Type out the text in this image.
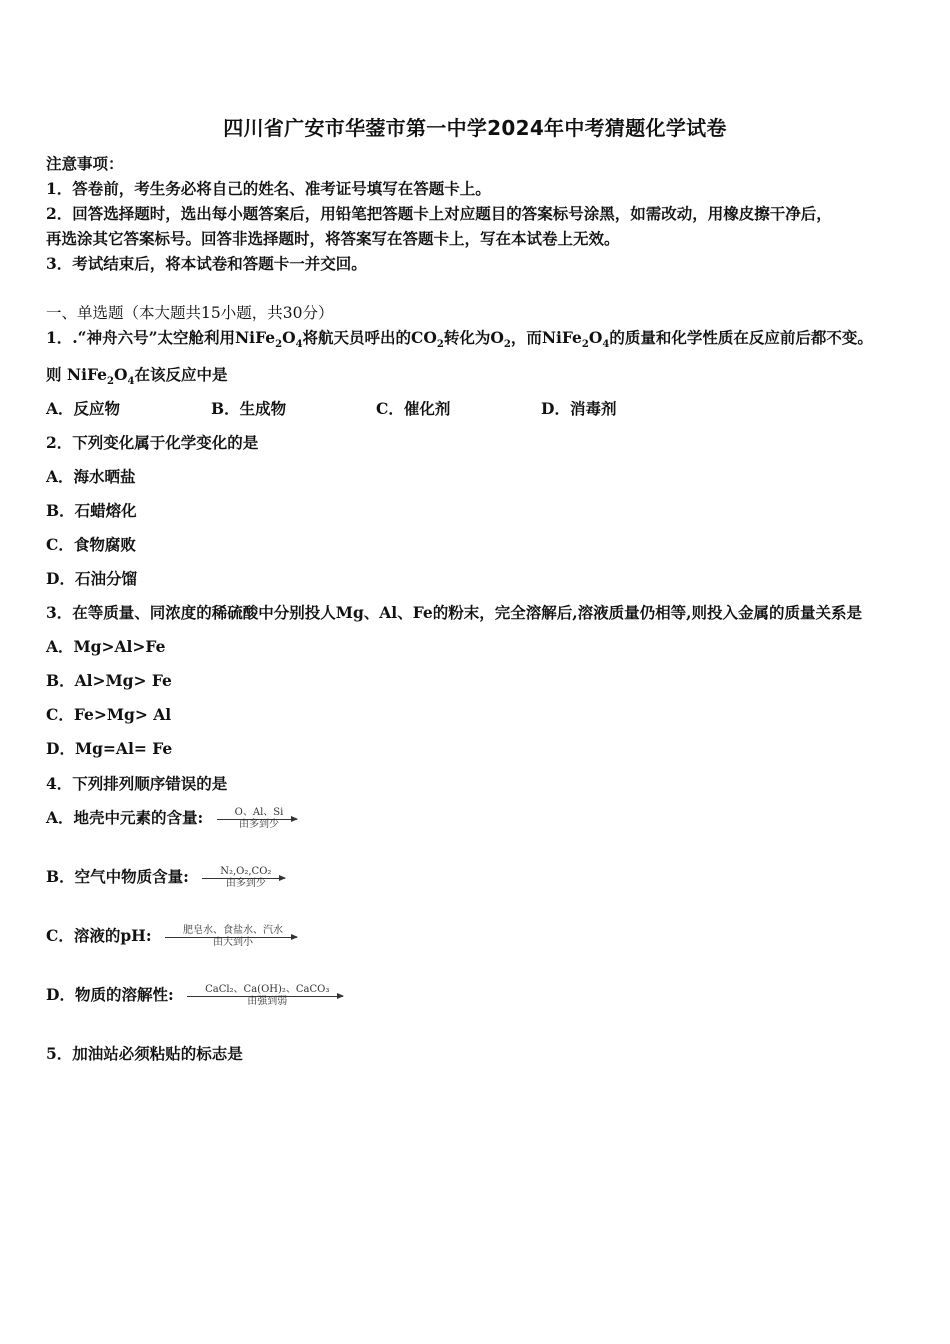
四川省广安市华蓥市第一中学2024年中考猜题化学试卷
注意事项：
1．答卷前，考生务必将自己的姓名、准考证号填写在答题卡上。
2．回答选择题时，选出每小题答案后，用铅笔把答题卡上对应题目的答案标号涂黑，如需改动，用橡皮擦干净后，
再选涂其它答案标号。回答非选择题时，将答案写在答题卡上，写在本试卷上无效。
3．考试结束后，将本试卷和答题卡一并交回。
一、单选题（本大题共15小题，共30分）
1．.“神舟六号”太空舱利用$NiFe_2O_4$将航天员呼出的$CO_2$转化为$O_2$，而$NiFe_2O_4$的质量和化学性质在反应前后都不变。
则 $NiFe_2O_4$在该反应中是
A．反应物	B．生成物	C．催化剂	D．消毒剂
2．下列变化属于化学变化的是
A．海水晒盐
B．石蜡熔化
C．食物腐败
D．石油分馏
3．在等质量、同浓度的稀硫酸中分别投人Mg、Al、Fe的粉末，完全溶解后,溶液质量仍相等,则投入金属的质量关系是
A．Mg>Al>Fe
B．Al>Mg> Fe
C．Fe>Mg> Al
D．Mg=Al= Fe
4．下列排列顺序错误的是
A．地壳中元素的含量:	O、Al、Si
由多到少
B．空气中物质含量:	N₂,O₂,CO₂
由多到少
C．溶液的pH:	肥皂水、食盐水、汽水
由大到小
D．物质的溶解性:	CaCl₂、Ca(OH)₂、CaCO₃
由强到弱
5．加油站必须粘贴的标志是
